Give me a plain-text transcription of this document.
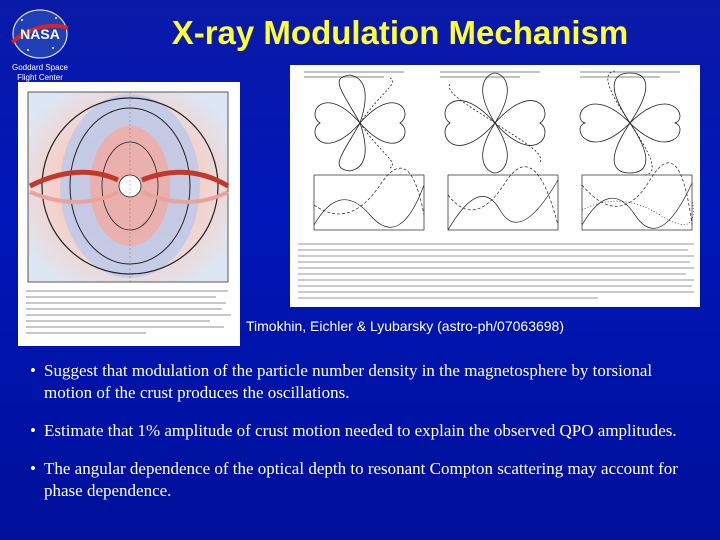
NASA
Goddard Space
Flight Center
X-ray Modulation Mechanism
Timokhin, Eichler & Lyubarsky (astro-ph/07063698)
• Suggest that modulation of the particle number density in the magnetosphere by torsional motion of the crust produces the oscillations.
• Estimate that 1% amplitude of crust motion needed to explain the observed QPO amplitudes.
• The angular dependence of the optical depth to resonant Compton scattering may account for phase dependence.
